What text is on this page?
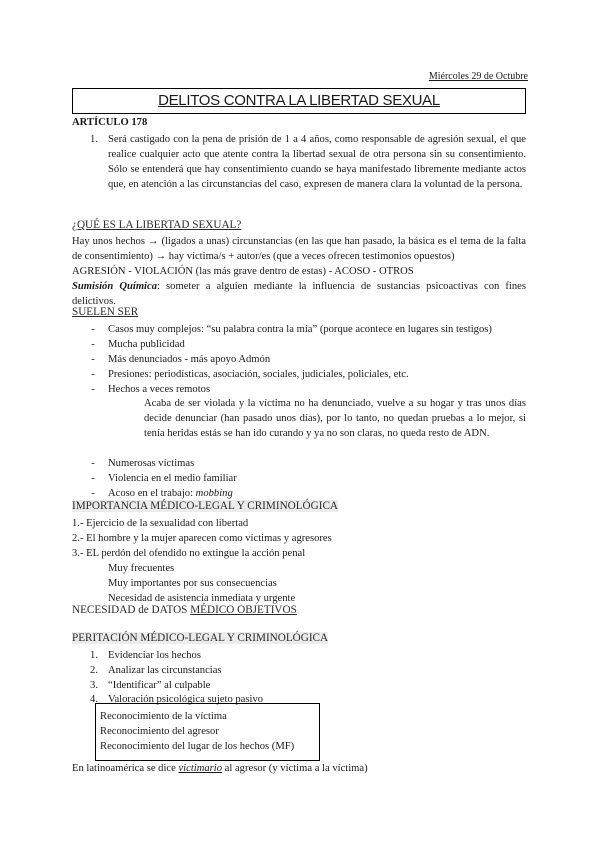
Miércoles 29 de Octubre
DELITOS CONTRA LA LIBERTAD SEXUAL
ARTÍCULO 178
1. Será castigado con la pena de prisión de 1 a 4 años, como responsable de agresión sexual, el que realice cualquier acto que atente contra la libertad sexual de otra persona sin su consentimiento. Sólo se entenderá que hay consentimiento cuando se haya manifestado libremente mediante actos que, en atención a las circunstancias del caso, expresen de manera clara la voluntad de la persona.
¿QUÉ ES LA LIBERTAD SEXUAL?
Hay unos hechos → (ligados a unas) circunstancias (en las que han pasado, la básica es el tema de la falta de consentimiento) → hay víctima/s + autor/es (que a veces ofrecen testimonios opuestos)
AGRESIÓN - VIOLACIÓN (las más grave dentro de estas) - ACOSO - OTROS
Sumisión Química: someter a alguien mediante la influencia de sustancias psicoactivas con fines delictivos.
SUELEN SER
- Casos muy complejos: “su palabra contra la mía” (porque acontece en lugares sin testigos)
- Mucha publicidad
- Más denunciados - más apoyo Admón
- Presiones: periodísticas, asociación, sociales, judiciales, policiales, etc.
- Hechos a veces remotos
Acaba de ser violada y la víctima no ha denunciado, vuelve a su hogar y tras unos días decide denunciar (han pasado unos días), por lo tanto, no quedan pruebas a lo mejor, si tenía heridas estás se han ido curando y ya no son claras, no queda resto de ADN.
- Numerosas víctimas
- Violencia en el medio familiar
- Acoso en el trabajo: mobbing
IMPORTANCIA MÉDICO-LEGAL Y CRIMINOLÓGICA
1.- Ejercicio de la sexualidad con libertad
2.- El hombre y la mujer aparecen como víctimas y agresores
3.- EL perdón del ofendido no extingue la acción penal
Muy frecuentes
Muy importantes por sus consecuencias
Necesidad de asistencia inmediata y urgente
NECESIDAD de DATOS MÉDICO OBJETIVOS
PERITACIÓN MÉDICO-LEGAL Y CRIMINOLÓGICA
1. Evidenciar los hechos
2. Analizar las circunstancias
3. “Identificar” al culpable
4. Valoración psicológica sujeto pasivo
Reconocimiento de la víctima
Reconocimiento del agresor
Reconocimiento del lugar de los hechos (MF)
En latinoamérica se dice victimario al agresor (y víctima a la víctima)
